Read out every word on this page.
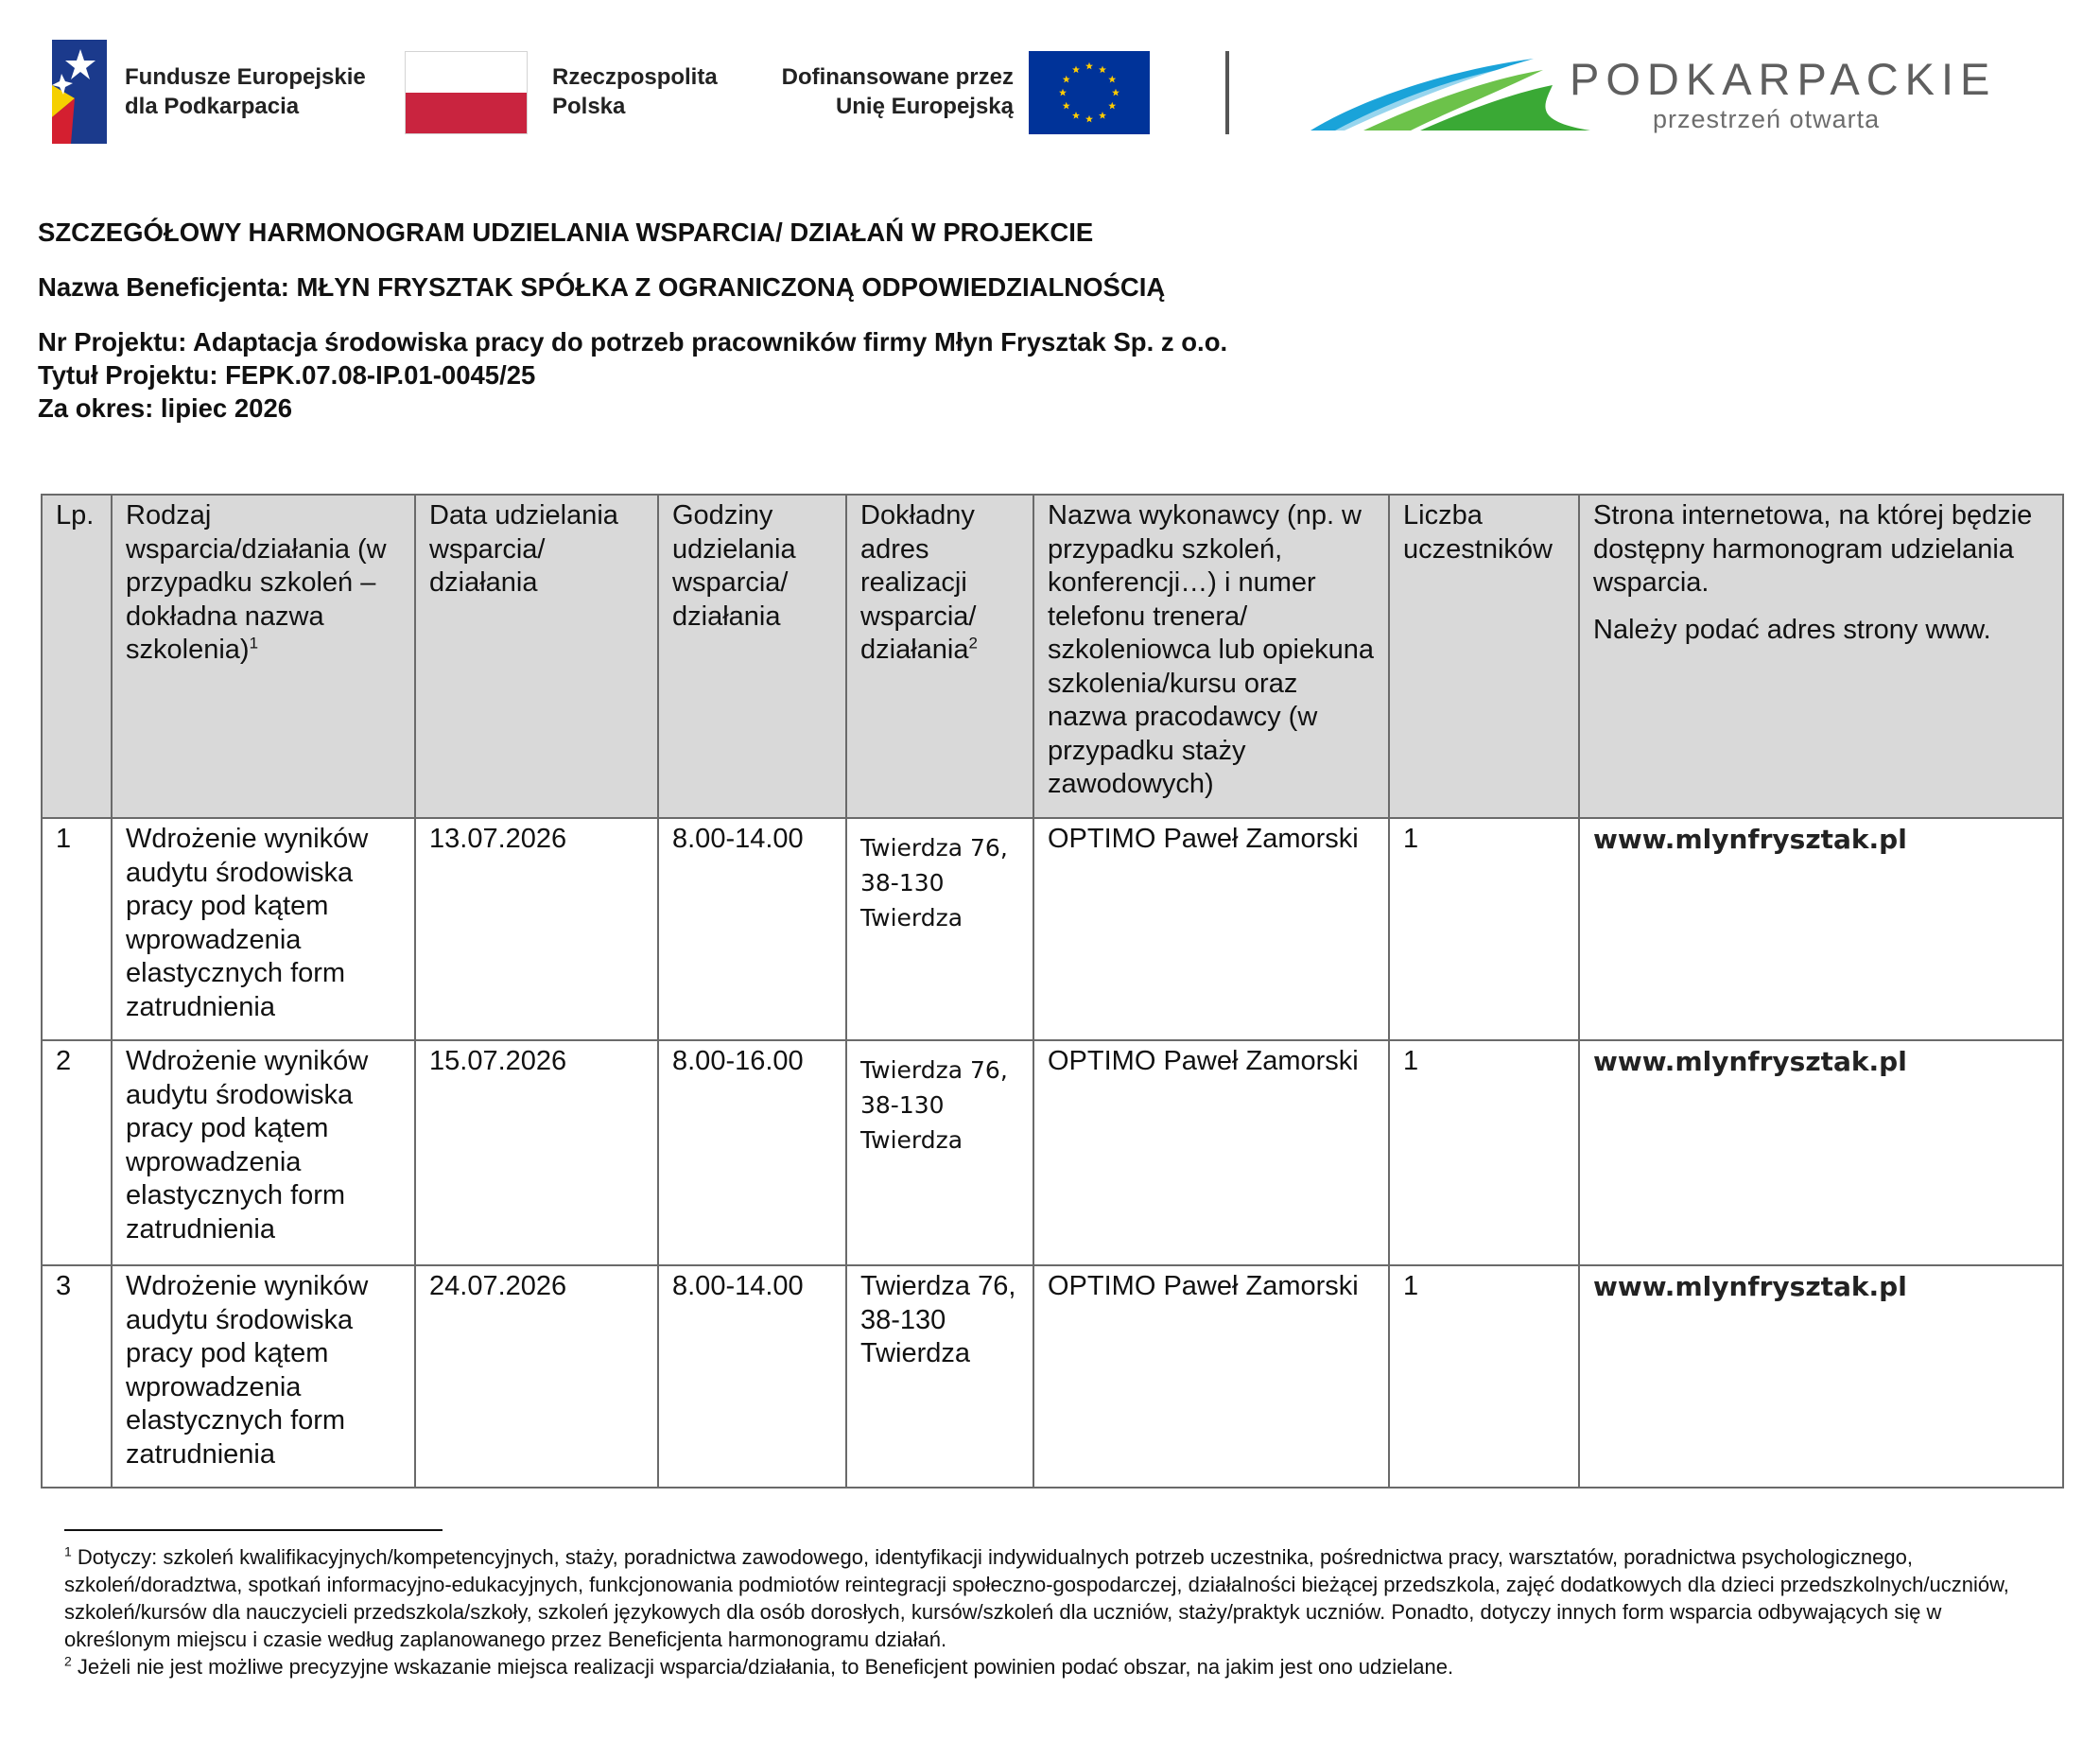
Fundusze Europejskie
dla Podkarpacia
Rzeczpospolita
Polska
Dofinansowane przez
Unię Europejską
PODKARPACKIE
przestrzeń otwarta
SZCZEGÓŁOWY HARMONOGRAM UDZIELANIA WSPARCIA/ DZIAŁAŃ W PROJEKCIE
Nazwa Beneficjenta: MŁYN FRYSZTAK SPÓŁKA Z OGRANICZONĄ ODPOWIEDZIALNOŚCIĄ
Nr Projektu: Adaptacja środowiska pracy do potrzeb pracowników firmy Młyn Frysztak Sp. z o.o.
Tytuł Projektu: FEPK.07.08-IP.01-0045/25
Za okres: lipiec 2026
Lp.	Rodzaj wsparcia/działania (w przypadku szkoleń – dokładna nazwa szkolenia)$^1$	Data udzielania wsparcia/ działania	Godziny udzielania wsparcia/ działania	Dokładny adres realizacji wsparcia/ działania$^2$	Nazwa wykonawcy (np. w przypadku szkoleń, konferencji…) i numer telefonu trenera/ szkoleniowca lub opiekuna szkolenia/kursu oraz nazwa pracodawcy (w przypadku staży zawodowych)	Liczba uczestników	Strona internetowa, na której będzie dostępny harmonogram udzielania wsparcia.
Należy podać adres strony www.
1	Wdrożenie wyników audytu środowiska pracy pod kątem wprowadzenia elastycznych form zatrudnienia	13.07.2026	8.00-14.00	Twierdza 76, 38-130 Twierdza	OPTIMO Paweł Zamorski	1	www.mlynfrysztak.pl
2	Wdrożenie wyników audytu środowiska pracy pod kątem wprowadzenia elastycznych form zatrudnienia	15.07.2026	8.00-16.00	Twierdza 76, 38-130 Twierdza	OPTIMO Paweł Zamorski	1	www.mlynfrysztak.pl
3	Wdrożenie wyników audytu środowiska pracy pod kątem wprowadzenia elastycznych form zatrudnienia	24.07.2026	8.00-14.00	Twierdza 76, 38-130 Twierdza	OPTIMO Paweł Zamorski	1	www.mlynfrysztak.pl

$^1$ Dotyczy: szkoleń kwalifikacyjnych/kompetencyjnych, staży, poradnictwa zawodowego, identyfikacji indywidualnych potrzeb uczestnika, pośrednictwa pracy, warsztatów, poradnictwa psychologicznego, szkoleń/doradztwa, spotkań informacyjno-edukacyjnych, funkcjonowania podmiotów reintegracji społeczno-gospodarczej, działalności bieżącej przedszkola, zajęć dodatkowych dla dzieci przedszkolnych/uczniów, szkoleń/kursów dla nauczycieli przedszkola/szkoły, szkoleń językowych dla osób dorosłych, kursów/szkoleń dla uczniów, staży/praktyk uczniów. Ponadto, dotyczy innych form wsparcia odbywających się w określonym miejscu i czasie według zaplanowanego przez Beneficjenta harmonogramu działań.

$^2$ Jeżeli nie jest możliwe precyzyjne wskazanie miejsca realizacji wsparcia/działania, to Beneficjent powinien podać obszar, na jakim jest ono udzielane.
